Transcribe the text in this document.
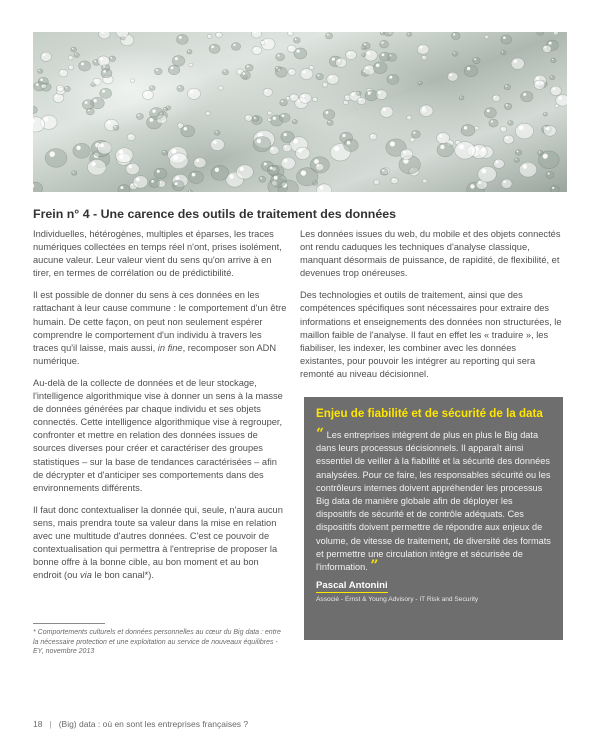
Frein n° 4 - Une carence des outils de traitement des données

Individuelles, hétérogènes, multiples et éparses, les traces numériques collectées en temps réel n'ont, prises isolément, aucune valeur. Leur valeur vient du sens qu'on arrive à en tirer, en termes de corrélation ou de prédictibilité.

Il est possible de donner du sens à ces données en les rattachant à leur cause commune : le comportement d'un être humain. De cette façon, on peut non seulement espérer comprendre le comportement d'un individu à travers les traces qu'il laisse, mais aussi, in fine, recomposer son ADN numérique.

Au-delà de la collecte de données et de leur stockage, l'intelligence algorithmique vise à donner un sens à la masse de données générées par chaque individu et ses objets connectés. Cette intelligence algorithmique vise à regrouper, confronter et mettre en relation des données issues de sources diverses pour créer et caractériser des groupes statistiques – sur la base de tendances caractérisées – afin de décrypter et d'anticiper ses comportements dans des environnements différents.

Il faut donc contextualiser la donnée qui, seule, n'aura aucun sens, mais prendra toute sa valeur dans la mise en relation avec une multitude d'autres données. C'est ce pouvoir de contextualisation qui permettra à l'entreprise de proposer la bonne offre à la bonne cible, au bon moment et au bon endroit (ou via le bon canal*).

Les données issues du web, du mobile et des objets connectés ont rendu caduques les techniques d'analyse classique, manquant désormais de puissance, de rapidité, de flexibilité, et devenues trop onéreuses.

Des technologies et outils de traitement, ainsi que des compétences spécifiques sont nécessaires pour extraire des informations et enseignements des données non structurées, le maillon faible de l'analyse. Il faut en effet les « traduire », les fiabiliser, les indexer, les combiner avec les données existantes, pour pouvoir les intégrer au reporting qui sera remonté au niveau décisionnel.

Enjeu de fiabilité et de sécurité de la data
“ Les entreprises intègrent de plus en plus le Big data dans leurs processus décisionnels. Il apparaît ainsi essentiel de veiller à la fiabilité et la sécurité des données analysées. Pour ce faire, les responsables sécurité ou les contrôleurs internes doivent appréhender les processus Big data de manière globale afin de déployer les dispositifs de sécurité et de contrôle adéquats. Ces dispositifs doivent permettre de répondre aux enjeux de volume, de vitesse de traitement, de diversité des formats et permettre une circulation intègre et sécurisée de l'information. ”
Pascal Antonini
Associé - Ernst & Young Advisory - IT Risk and Security
* Comportements culturels et données personnelles au cœur du Big data : entre la nécessaire protection et une exploitation au service de nouveaux équilibres - EY, novembre 2013
18 | (Big) data : où en sont les entreprises françaises ?
